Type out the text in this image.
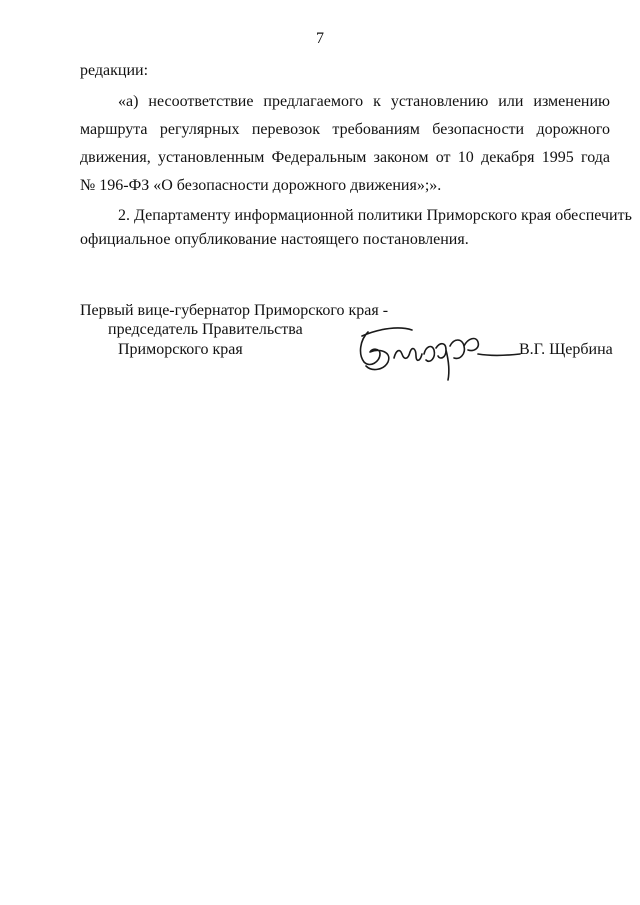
7
редакции:
«а) несоответствие предлагаемого к установлению или изменению
маршрута регулярных перевозок требованиям безопасности дорожного
движения, установленным Федеральным законом от 10 декабря 1995 года
№ 196-ФЗ «О безопасности дорожного движения»;».
2. Департаменту информационной политики Приморского края обеспечить
официальное опубликование настоящего постановления.
Первый вице-губернатор Приморского края -
председатель Правительства
Приморского края	В.Г. Щербина
